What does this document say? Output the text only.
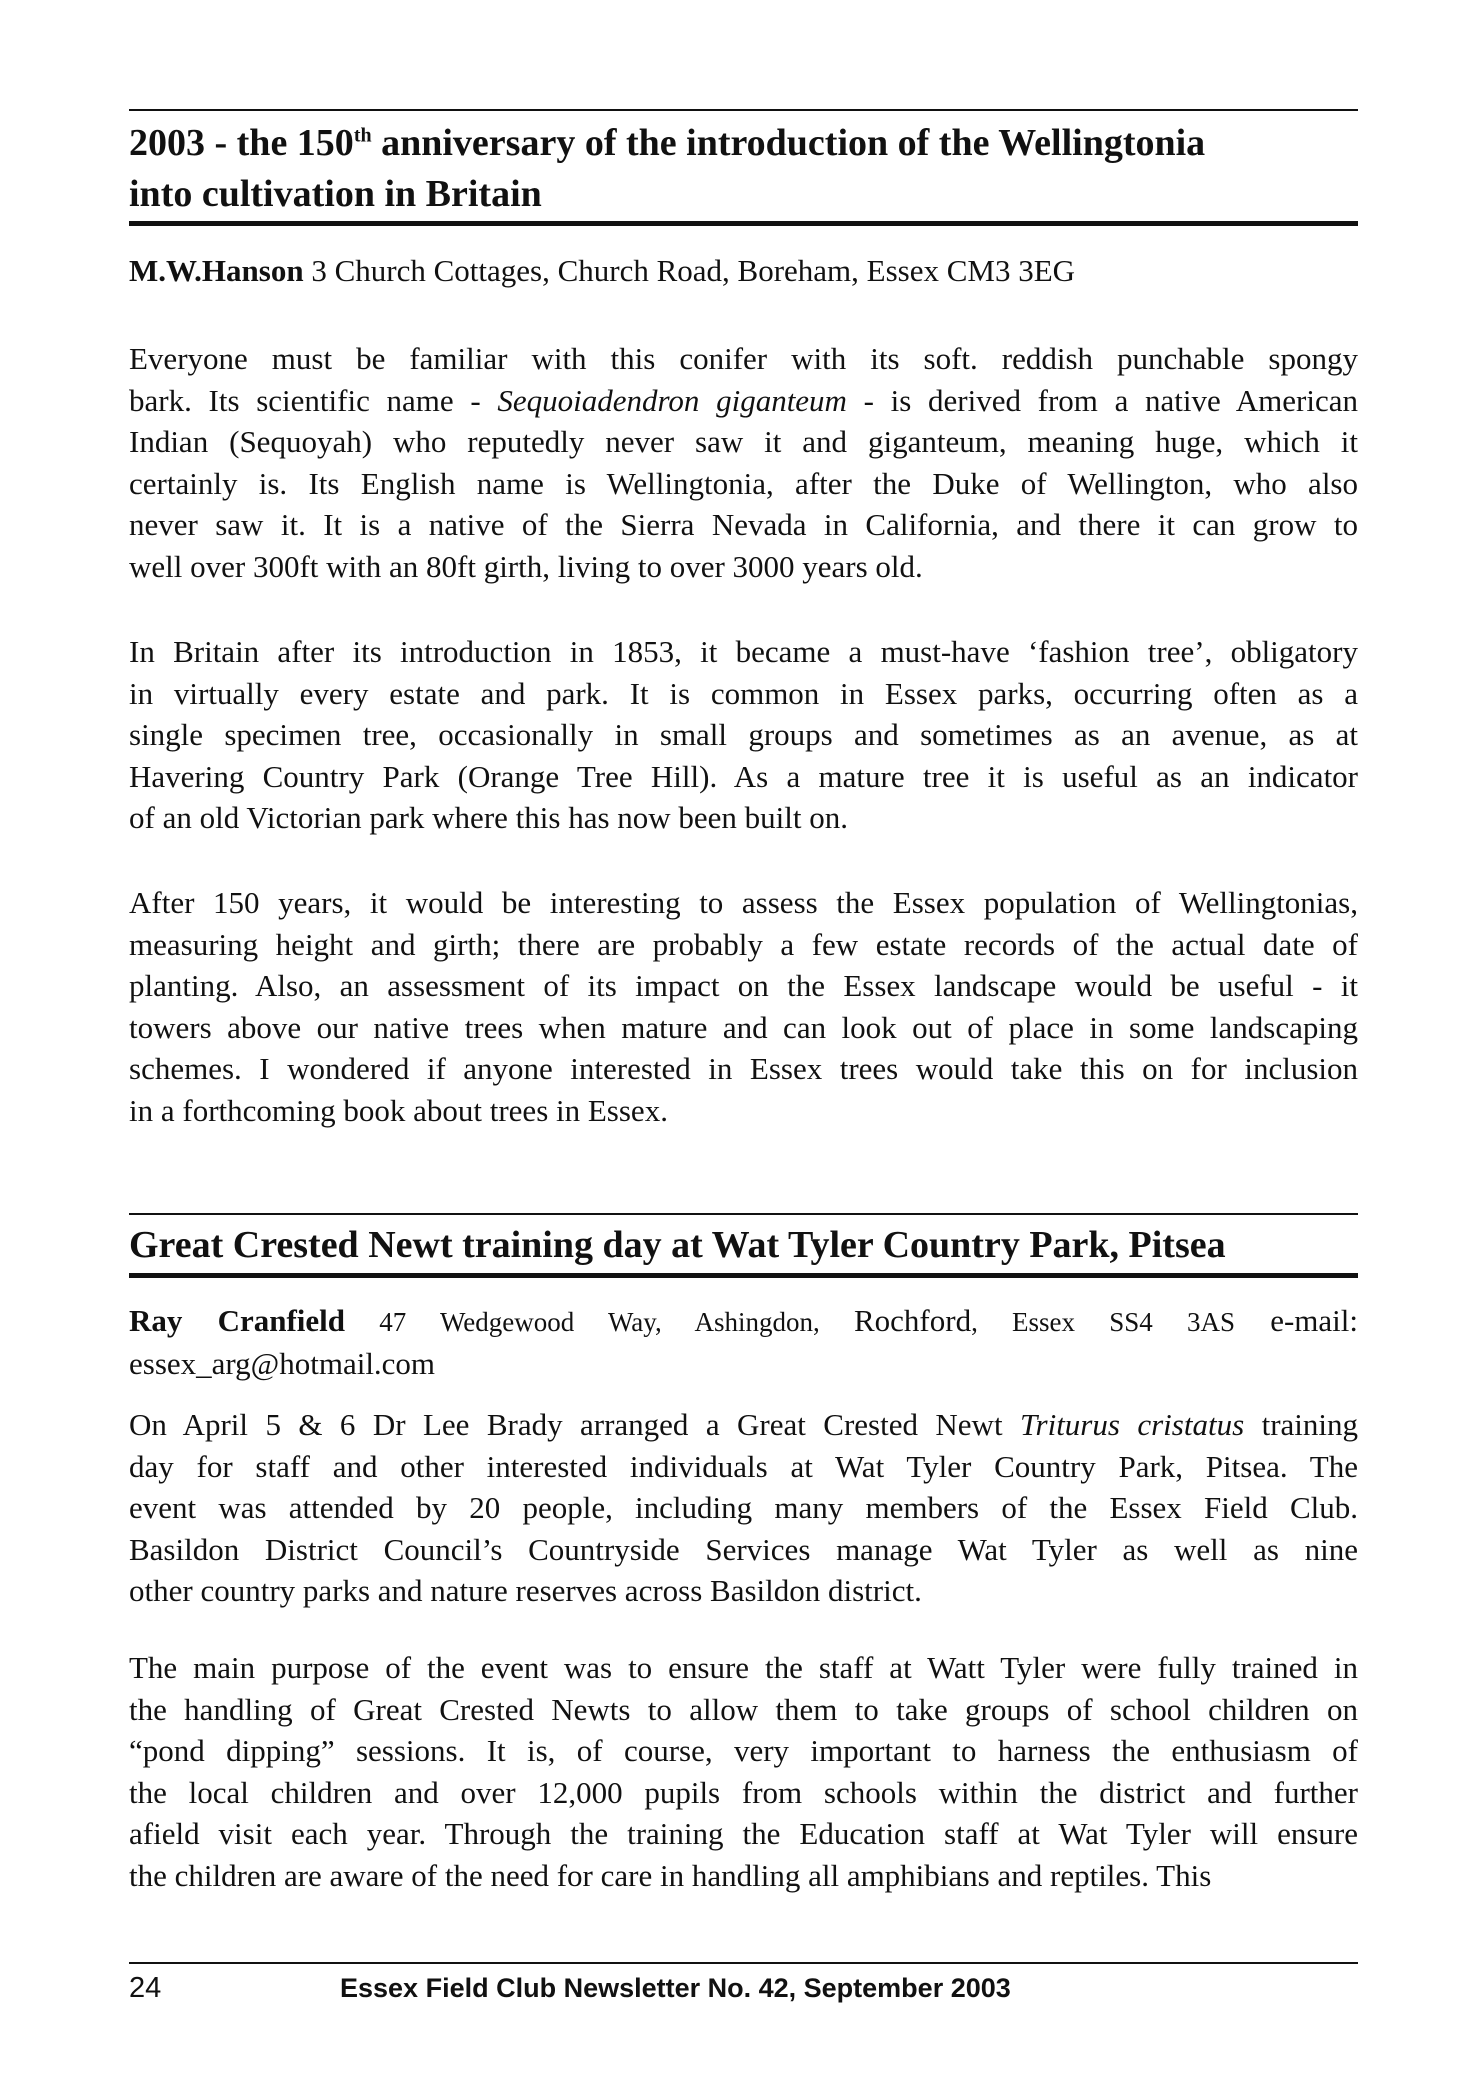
2003 - the 150th anniversary of the introduction of the Wellingtonia
into cultivation in Britain
M.W.Hanson 3 Church Cottages, Church Road, Boreham, Essex CM3 3EG
Everyone must be familiar with this conifer with its soft. reddish punchable spongy
bark. Its scientific name - Sequoiadendron giganteum - is derived from a native American
Indian (Sequoyah) who reputedly never saw it and giganteum, meaning huge, which it
certainly is. Its English name is Wellingtonia, after the Duke of Wellington, who also
never saw it. It is a native of the Sierra Nevada in California, and there it can grow to
well over 300ft with an 80ft girth, living to over 3000 years old.
In Britain after its introduction in 1853, it became a must-have ‘fashion tree’, obligatory
in virtually every estate and park. It is common in Essex parks, occurring often as a
single specimen tree, occasionally in small groups and sometimes as an avenue, as at
Havering Country Park (Orange Tree Hill). As a mature tree it is useful as an indicator
of an old Victorian park where this has now been built on.
After 150 years, it would be interesting to assess the Essex population of Wellingtonias,
measuring height and girth; there are probably a few estate records of the actual date of
planting. Also, an assessment of its impact on the Essex landscape would be useful - it
towers above our native trees when mature and can look out of place in some landscaping
schemes. I wondered if anyone interested in Essex trees would take this on for inclusion
in a forthcoming book about trees in Essex.
Great Crested Newt training day at Wat Tyler Country Park, Pitsea
Ray Cranfield 47 Wedgewood Way, Ashingdon, Rochford, Essex SS4 3AS e-mail:
essex_arg@hotmail.com
On April 5 & 6 Dr Lee Brady arranged a Great Crested Newt Triturus cristatus training
day for staff and other interested individuals at Wat Tyler Country Park, Pitsea. The
event was attended by 20 people, including many members of the Essex Field Club.
Basildon District Council’s Countryside Services manage Wat Tyler as well as nine
other country parks and nature reserves across Basildon district.
The main purpose of the event was to ensure the staff at Watt Tyler were fully trained in
the handling of Great Crested Newts to allow them to take groups of school children on
“pond dipping” sessions. It is, of course, very important to harness the enthusiasm of
the local children and over 12,000 pupils from schools within the district and further
afield visit each year. Through the training the Education staff at Wat Tyler will ensure
the children are aware of the need for care in handling all amphibians and reptiles. This
24	Essex Field Club Newsletter No. 42, September 2003
